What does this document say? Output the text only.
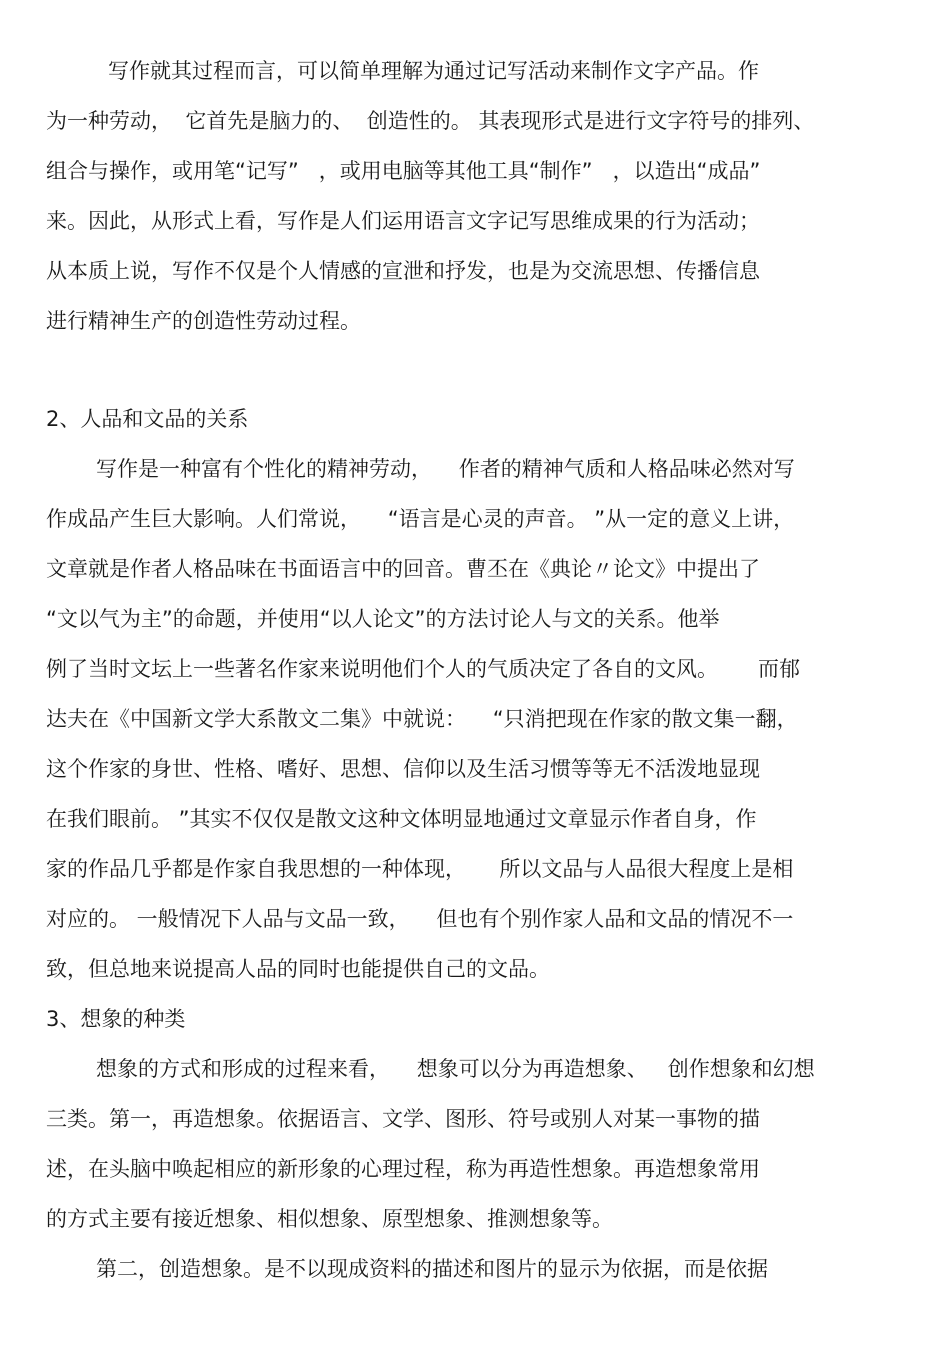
写作就其过程而言，可以简单理解为通过记写活动来制作文字产品。作
为一种劳动，  它首先是脑力的、  创造性的。 其表现形式是进行文字符号的排列、
组合与操作，或用笔“记写”   ，或用电脑等其他工具“制作”   ，以造出“成品”
来。因此，从形式上看，写作是人们运用语言文字记写思维成果的行为活动；
从本质上说，写作不仅是个人情感的宣泄和抒发，也是为交流思想、传播信息
进行精神生产的创造性劳动过程。
2、人品和文品的关系
写作是一种富有个性化的精神劳动，    作者的精神气质和人格品味必然对写
作成品产生巨大影响。人们常说，    “语言是心灵的声音。 ”从一定的意义上讲，
文章就是作者人格品味在书面语言中的回音。曹丕在《典论〃论文》中提出了
“文以气为主”的命题，并使用“以人论文”的方法讨论人与文的关系。他举
例了当时文坛上一些著名作家来说明他们个人的气质决定了各自的文风。      而郁
达夫在《中国新文学大系散文二集》中就说：    “只消把现在作家的散文集一翻，
这个作家的身世、性格、嗜好、思想、信仰以及生活习惯等等无不活泼地显现
在我们眼前。 ”其实不仅仅是散文这种文体明显地通过文章显示作者自身，作
家的作品几乎都是作家自我思想的一种体现，     所以文品与人品很大程度上是相
对应的。 一般情况下人品与文品一致，    但也有个别作家人品和文品的情况不一
致，但总地来说提高人品的同时也能提供自己的文品。
3、想象的种类
想象的方式和形成的过程来看，    想象可以分为再造想象、   创作想象和幻想
三类。第一，再造想象。依据语言、文学、图形、符号或别人对某一事物的描
述，在头脑中唤起相应的新形象的心理过程，称为再造性想象。再造想象常用
的方式主要有接近想象、相似想象、原型想象、推测想象等。
第二，创造想象。是不以现成资料的描述和图片的显示为依据，而是依据
